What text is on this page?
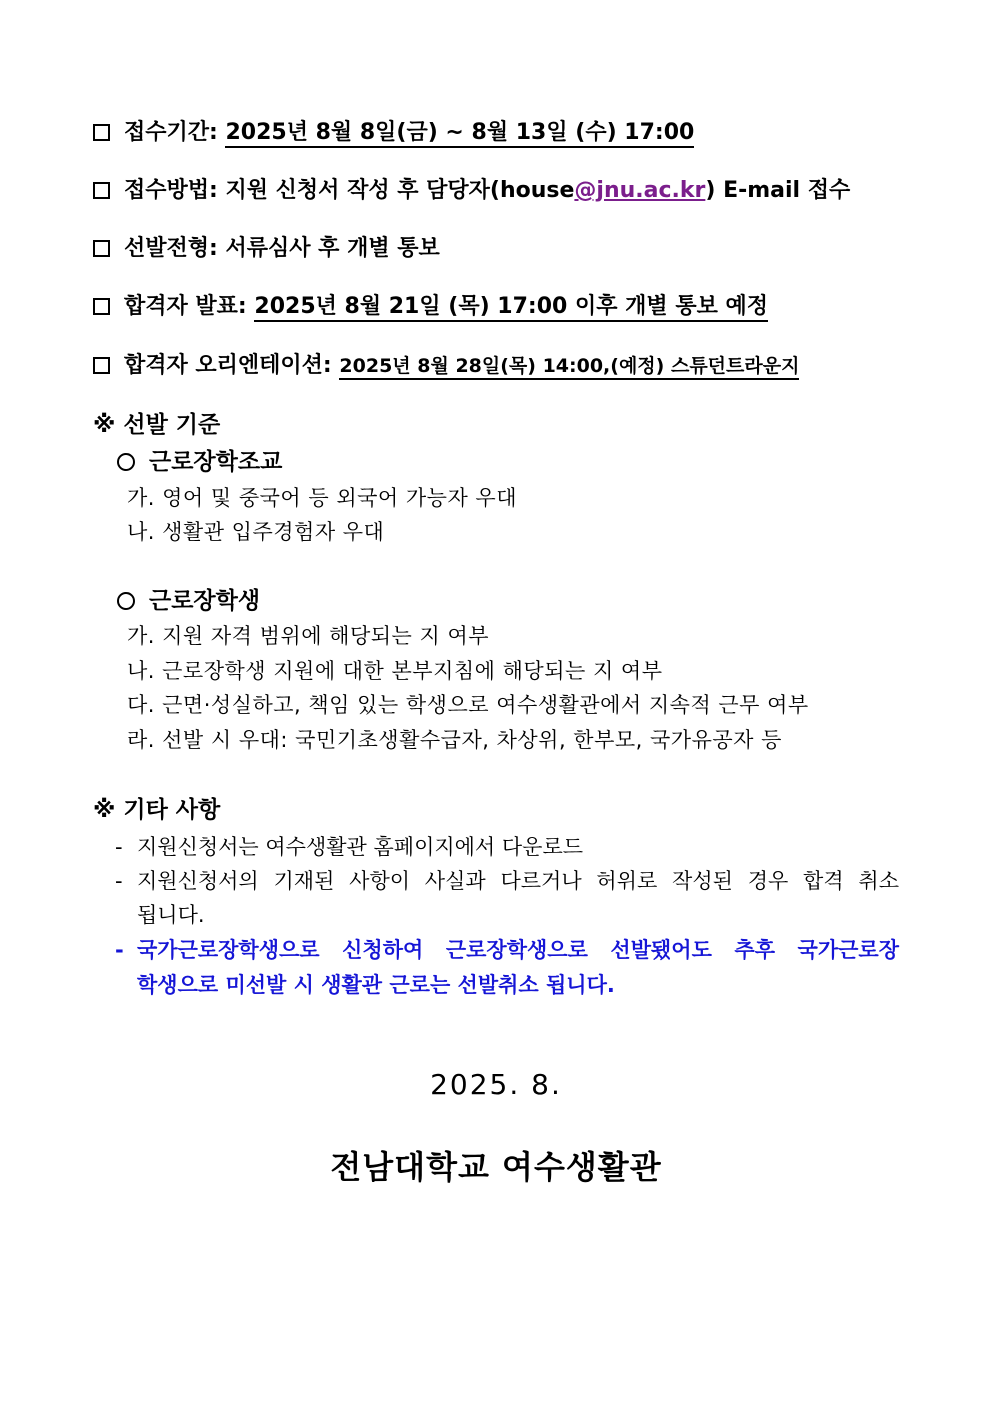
접수기간: 2025년 8월 8일(금) ~ 8월 13일 (수) 17:00
접수방법: 지원 신청서 작성 후 담당자(house@jnu.ac.kr) E-mail 접수
선발전형: 서류심사 후 개별 통보
합격자 발표: 2025년 8월 21일 (목) 17:00 이후 개별 통보 예정
합격자 오리엔테이션: 2025년 8월 28일(목) 14:00,(예정) 스튜던트라운지
※ 선발 기준
근로장학조교
가. 영어 및 중국어 등 외국어 가능자 우대
나. 생활관 입주경험자 우대
근로장학생
가. 지원 자격 범위에 해당되는 지 여부
나. 근로장학생 지원에 대한 본부지침에 해당되는 지 여부
다. 근면·성실하고, 책임 있는 학생으로 여수생활관에서 지속적 근무 여부
라. 선발 시 우대: 국민기초생활수급자, 차상위, 한부모, 국가유공자 등
※ 기타 사항
- 지원신청서는 여수생활관 홈페이지에서 다운로드
- 지원신청서의 기재된 사항이 사실과 다르거나 허위로 작성된 경우 합격 취소
됩니다.
- 국가근로장학생으로 신청하여 근로장학생으로 선발됐어도 추후 국가근로장
학생으로 미선발 시 생활관 근로는 선발취소 됩니다.
2025. 8.
전남대학교 여수생활관
